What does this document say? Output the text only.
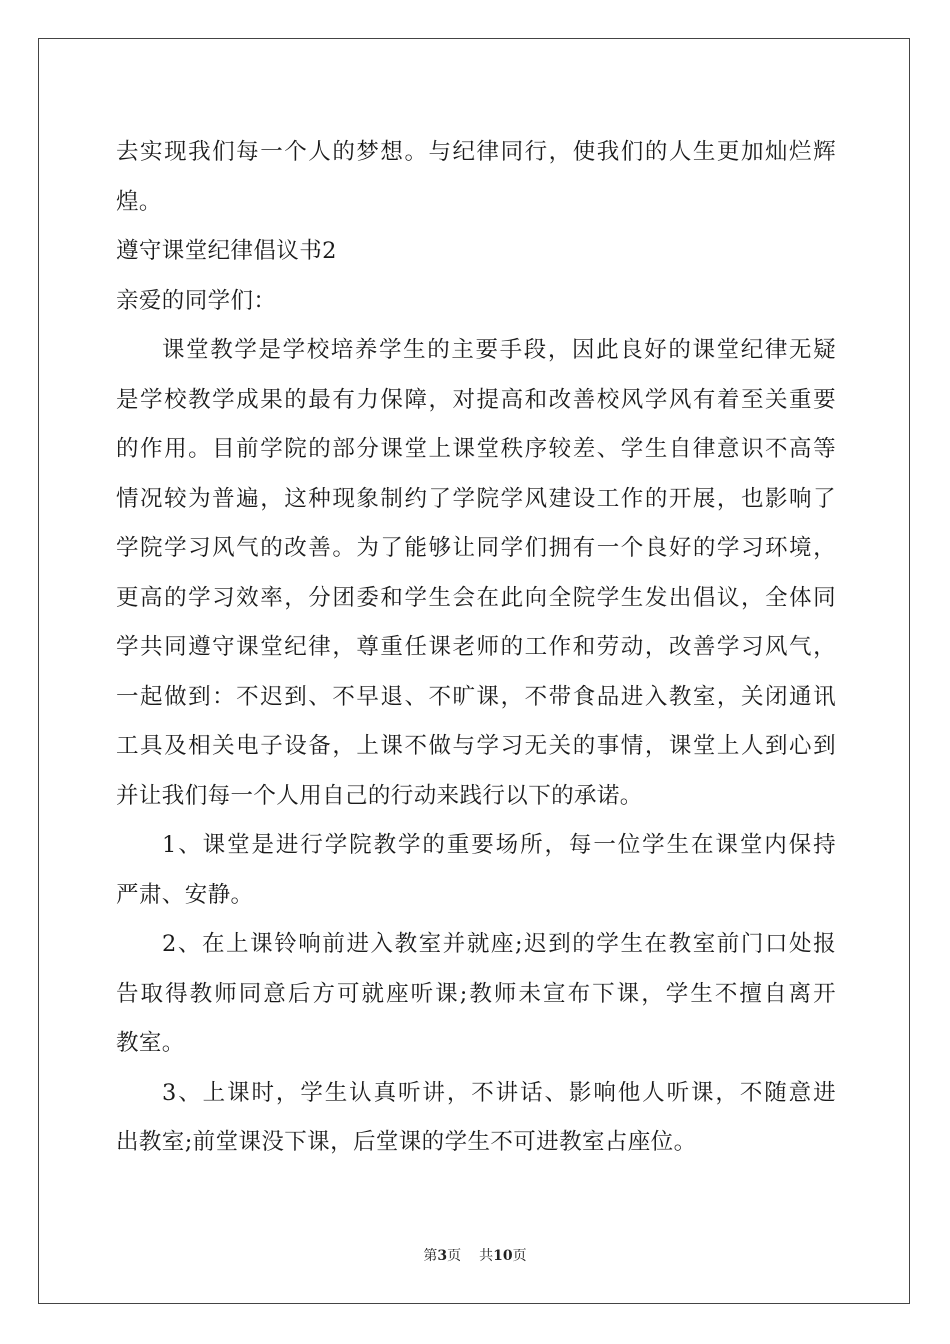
去实现我们每一个人的梦想。与纪律同行，使我们的人生更加灿烂辉
煌。
遵守课堂纪律倡议书2
亲爱的同学们：
课堂教学是学校培养学生的主要手段，因此良好的课堂纪律无疑
是学校教学成果的最有力保障，对提高和改善校风学风有着至关重要
的作用。目前学院的部分课堂上课堂秩序较差、学生自律意识不高等
情况较为普遍，这种现象制约了学院学风建设工作的开展，也影响了
学院学习风气的改善。为了能够让同学们拥有一个良好的学习环境，
更高的学习效率，分团委和学生会在此向全院学生发出倡议，全体同
学共同遵守课堂纪律，尊重任课老师的工作和劳动，改善学习风气，
一起做到：不迟到、不早退、不旷课，不带食品进入教室，关闭通讯
工具及相关电子设备，上课不做与学习无关的事情，课堂上人到心到
并让我们每一个人用自己的行动来践行以下的承诺。
1、课堂是进行学院教学的重要场所，每一位学生在课堂内保持
严肃、安静。
2、在上课铃响前进入教室并就座;迟到的学生在教室前门口处报
告取得教师同意后方可就座听课;教师未宣布下课，学生不擅自离开
教室。
3、上课时，学生认真听讲，不讲话、影响他人听课，不随意进
出教室;前堂课没下课，后堂课的学生不可进教室占座位。
第3页 共10页
